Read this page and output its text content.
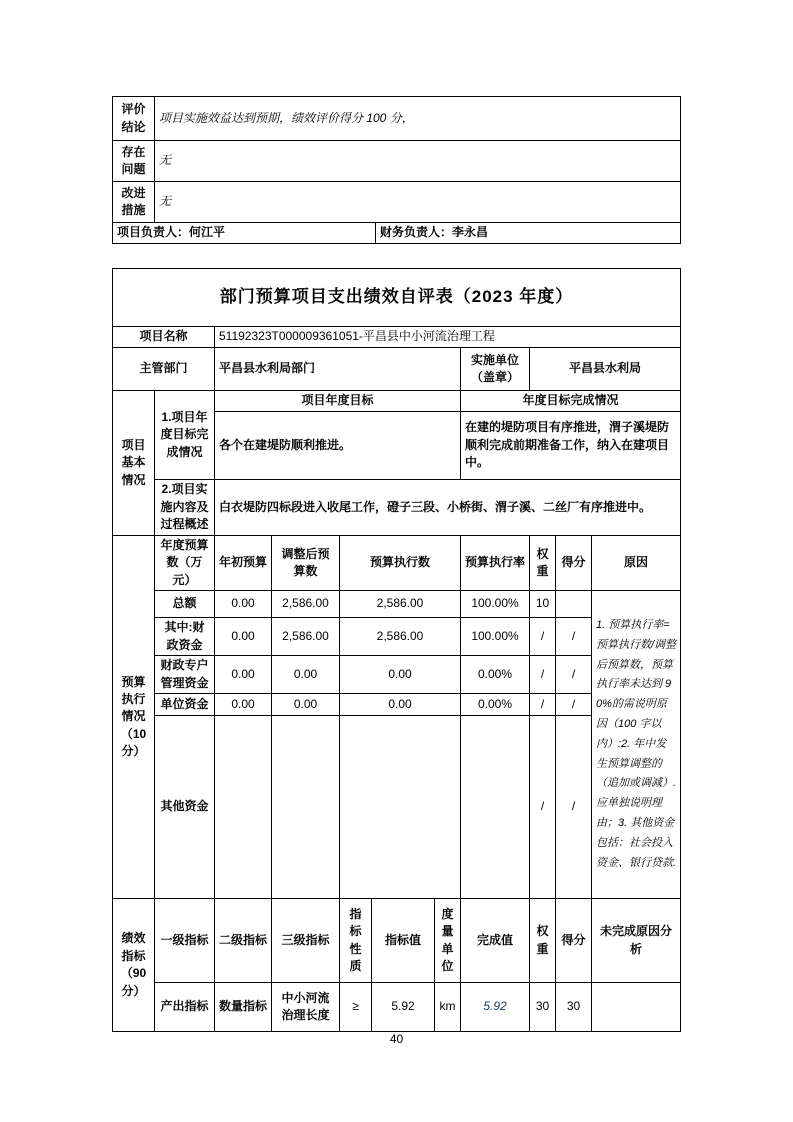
评价结论	项目实施效益达到预期，绩效评价得分 100 分，	
存在问题	无	
改进措施	无	
项目负责人：何江平		财务负责人：李永昌
部门预算项目支出绩效自评表（2023 年度）										
项目名称		51192323T000009361051-平昌县中小河流治理工程								
主管部门		平昌县水利局部门					实施单位（盖章）	平昌县水利局		
项目基本情况	1.项目年度目标完成情况	项目年度目标					年度目标完成情况			
		各个在建堤防顺利推进。					在建的堤防项目有序推进，渭子溪堤防顺利完成前期准备工作，纳入在建项目中。			
	2.项目实施内容及过程概述	白衣堤防四标段进入收尾工作，磴子三段、小桥街、渭子溪、二丝厂有序推进中。								
预算执行情况（10分）	年度预算数（万元）	年初预算	调整后预算数	预算执行数			预算执行率	权重	得分	原因
	总额	0.00	2,586.00	2,586.00			100.00%	10		1. 预算执行率=预算执行数/调整后预算数，预算执行率未达到 90%的需说明原因（100 字以内）:2. 年中发生预算调整的（追加或调减）.应单独说明理由；3. 其他资金包括：社会投入资金、银行贷款.
	其中:财政资金	0.00	2,586.00	2,586.00			100.00%	/	/	
	财政专户管理资金	0.00	0.00	0.00			0.00%	/	/	
	单位资金	0.00	0.00	0.00			0.00%	/	/	
	其他资金							/	/	
绩效指标（90分）	一级指标	二级指标	三级指标	指标性质	指标值	度量单位	完成值	权重	得分	未完成原因分析
	产出指标	数量指标	中小河流治理长度	≥	5.92	km	5.92	30	30	
40
